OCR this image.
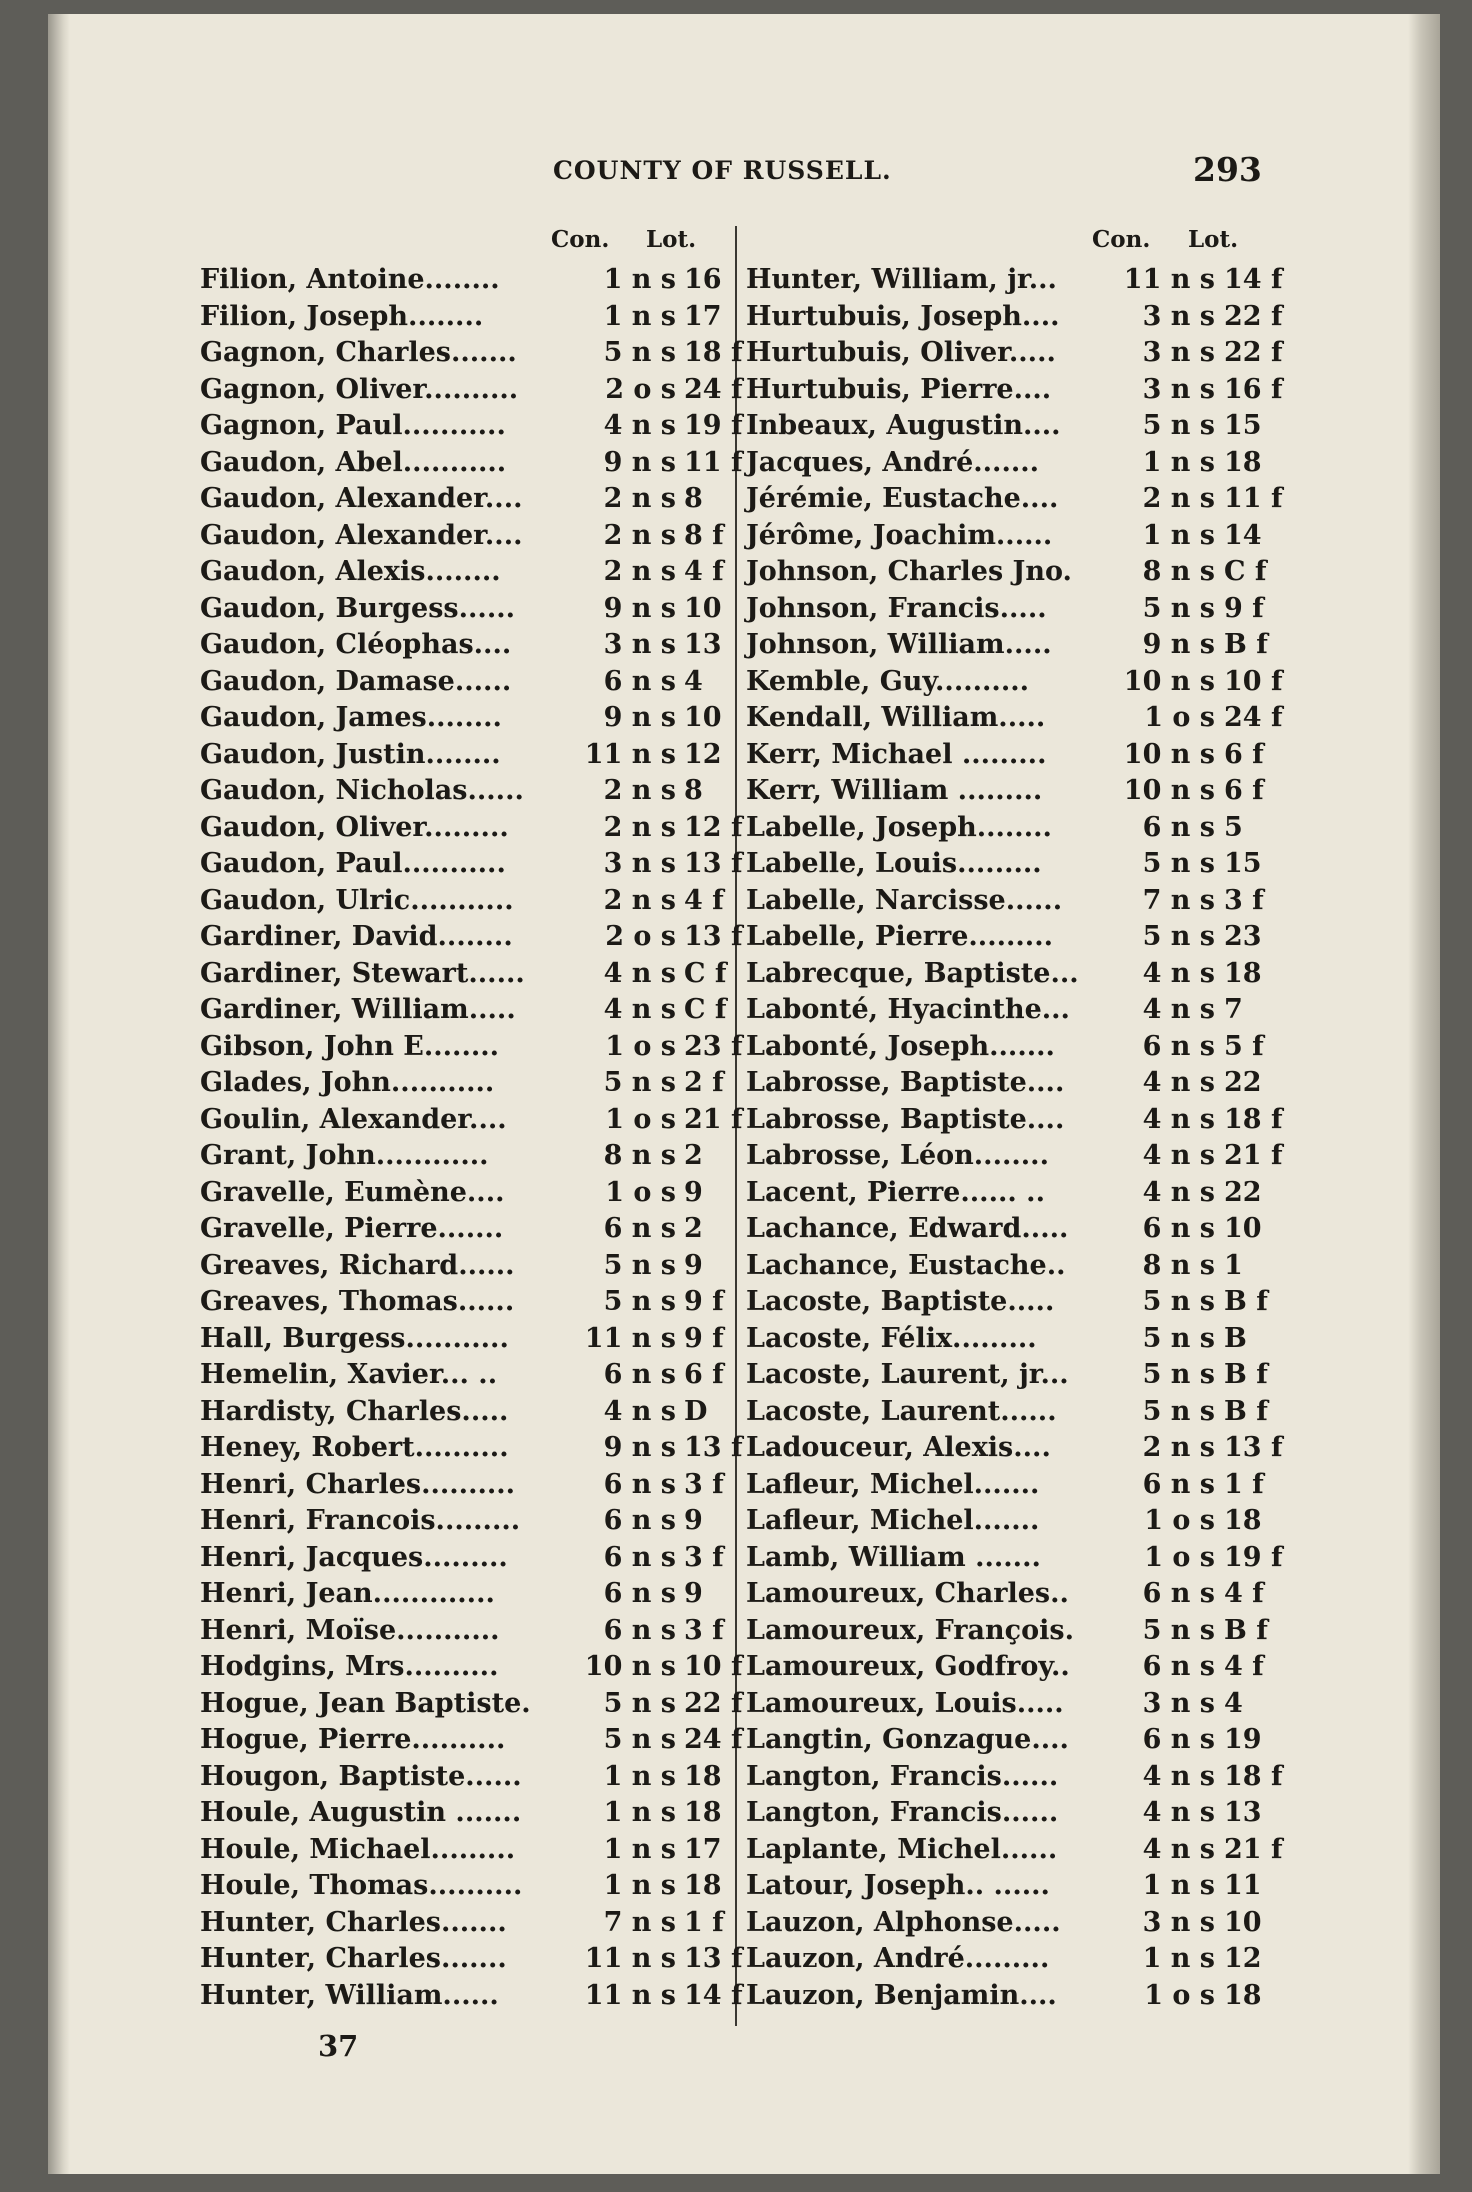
COUNTY OF RUSSELL.	293
Con. Lot.	Con. Lot.
Filion, Antoine........	1 n s 16
Filion, Joseph........	1 n s 17
Gagnon, Charles.......	5 n s 18 f
Gagnon, Oliver..........	2 o s 24 f
Gagnon, Paul...........	4 n s 19 f
Gaudon, Abel...........	9 n s 11 f
Gaudon, Alexander....	2 n s 8
Gaudon, Alexander....	2 n s 8 f
Gaudon, Alexis........	2 n s 4 f
Gaudon, Burgess......	9 n s 10
Gaudon, Cléophas....	3 n s 13
Gaudon, Damase......	6 n s 4
Gaudon, James........	9 n s 10
Gaudon, Justin........	11 n s 12
Gaudon, Nicholas......	2 n s 8
Gaudon, Oliver.........	2 n s 12 f
Gaudon, Paul...........	3 n s 13 f
Gaudon, Ulric...........	2 n s 4 f
Gardiner, David........	2 o s 13 f
Gardiner, Stewart......	4 n s C f
Gardiner, William.....	4 n s C f
Gibson, John E........	1 o s 23 f
Glades, John...........	5 n s 2 f
Goulin, Alexander....	1 o s 21 f
Grant, John............	8 n s 2
Gravelle, Eumène....	1 o s 9
Gravelle, Pierre.......	6 n s 2
Greaves, Richard......	5 n s 9
Greaves, Thomas......	5 n s 9 f
Hall, Burgess...........	11 n s 9 f
Hemelin, Xavier... ..	6 n s 6 f
Hardisty, Charles.....	4 n s D
Heney, Robert..........	9 n s 13 f
Henri, Charles..........	6 n s 3 f
Henri, Francois.........	6 n s 9
Henri, Jacques.........	6 n s 3 f
Henri, Jean.............	6 n s 9
Henri, Moïse...........	6 n s 3 f
Hodgins, Mrs..........	10 n s 10 f
Hogue, Jean Baptiste.	5 n s 22 f
Hogue, Pierre..........	5 n s 24 f
Hougon, Baptiste......	1 n s 18
Houle, Augustin .......	1 n s 18
Houle, Michael.........	1 n s 17
Houle, Thomas..........	1 n s 18
Hunter, Charles.......	7 n s 1 f
Hunter, Charles.......	11 n s 13 f
Hunter, William......	11 n s 14 f
Hunter, William, jr... 11 n s 14 f
Hurtubuis, Joseph....	3 n s 22 f
Hurtubuis, Oliver.....	3 n s 22 f
Hurtubuis, Pierre....	3 n s 16 f
Inbeaux, Augustin....	5 n s 15
Jacques, André.......	1 n s 18
Jérémie, Eustache....	2 n s 11 f
Jérôme, Joachim......	1 n s 14
Johnson, Charles Jno.	8 n s C f
Johnson, Francis.....	5 n s 9 f
Johnson, William.....	9 n s B f
Kemble, Guy..........	10 n s 10 f
Kendall, William.....	1 o s 24 f
Kerr, Michael .........	10 n s 6 f
Kerr, William .........	10 n s 6 f
Labelle, Joseph........	6 n s 5
Labelle, Louis.........	5 n s 15
Labelle, Narcisse......	7 n s 3 f
Labelle, Pierre.........	5 n s 23
Labrecque, Baptiste...	4 n s 18
Labonté, Hyacinthe...	4 n s 7
Labonté, Joseph.......	6 n s 5 f
Labrosse, Baptiste....	4 n s 22
Labrosse, Baptiste....	4 n s 18 f
Labrosse, Léon........	4 n s 21 f
Lacent, Pierre...... ..	4 n s 22
Lachance, Edward.....	6 n s 10
Lachance, Eustache..	8 n s 1
Lacoste, Baptiste.....	5 n s B f
Lacoste, Félix.........	5 n s B
Lacoste, Laurent, jr...	5 n s B f
Lacoste, Laurent......	5 n s B f
Ladouceur, Alexis....	2 n s 13 f
Lafleur, Michel.......	6 n s 1 f
Lafleur, Michel.......	1 o s 18
Lamb, William .......	1 o s 19 f
Lamoureux, Charles..	6 n s 4 f
Lamoureux, François.	5 n s B f
Lamoureux, Godfroy..	6 n s 4 f
Lamoureux, Louis.....	3 n s 4
Langtin, Gonzague....	6 n s 19
Langton, Francis......	4 n s 18 f
Langton, Francis......	4 n s 13
Laplante, Michel......	4 n s 21 f
Latour, Joseph.. ......	1 n s 11
Lauzon, Alphonse.....	3 n s 10
Lauzon, André.........	1 n s 12
Lauzon, Benjamin....	1 o s 18
37
